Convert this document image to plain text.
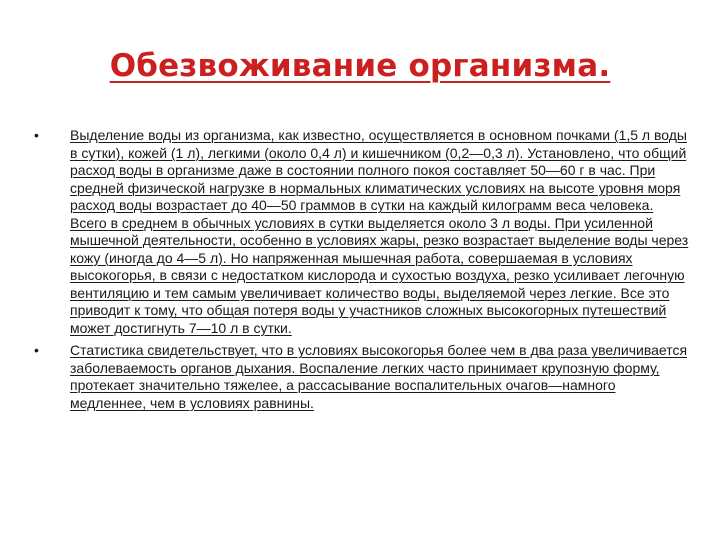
Обезвоживание организма.
•	Выделение воды из организма, как известно, осуществляется в основном почками (1,5 л воды в сутки), кожей (1 л), легкими (около 0,4 л) и кишечником (0,2—0,3 л). Установлено, что общий расход воды в организме даже в состоянии полного покоя составляет 50—60 г в час. При средней физической нагрузке в нормальных климатических условиях на высоте уровня моря расход воды возрастает до 40—50 граммов в сутки на каждый килограмм веса человека. Всего в среднем в обычных условиях в сутки выделяется около 3 л воды. При усиленной мышечной деятельности, особенно в условиях жары, резко возрастает выделение воды через кожу (иногда до 4—5 л). Но напряженная мышечная работа, совершаемая в условиях высокогорья, в связи с недостатком кислорода и сухостью воздуха, резко усиливает легочную вентиляцию и тем самым увеличивает количество воды, выделяемой через легкие. Все это приводит к тому, что общая потеря воды у участников сложных высокогорных путешествий может достигнуть 7—10 л в сутки.
•	Статистика свидетельствует, что в условиях высокогорья более чем в два раза увеличивается заболеваемость органов дыхания. Воспаление легких часто принимает крупозную форму, протекает значительно тяжелее, а рассасывание воспалительных очагов—намного медленнее, чем в условиях равнины.
